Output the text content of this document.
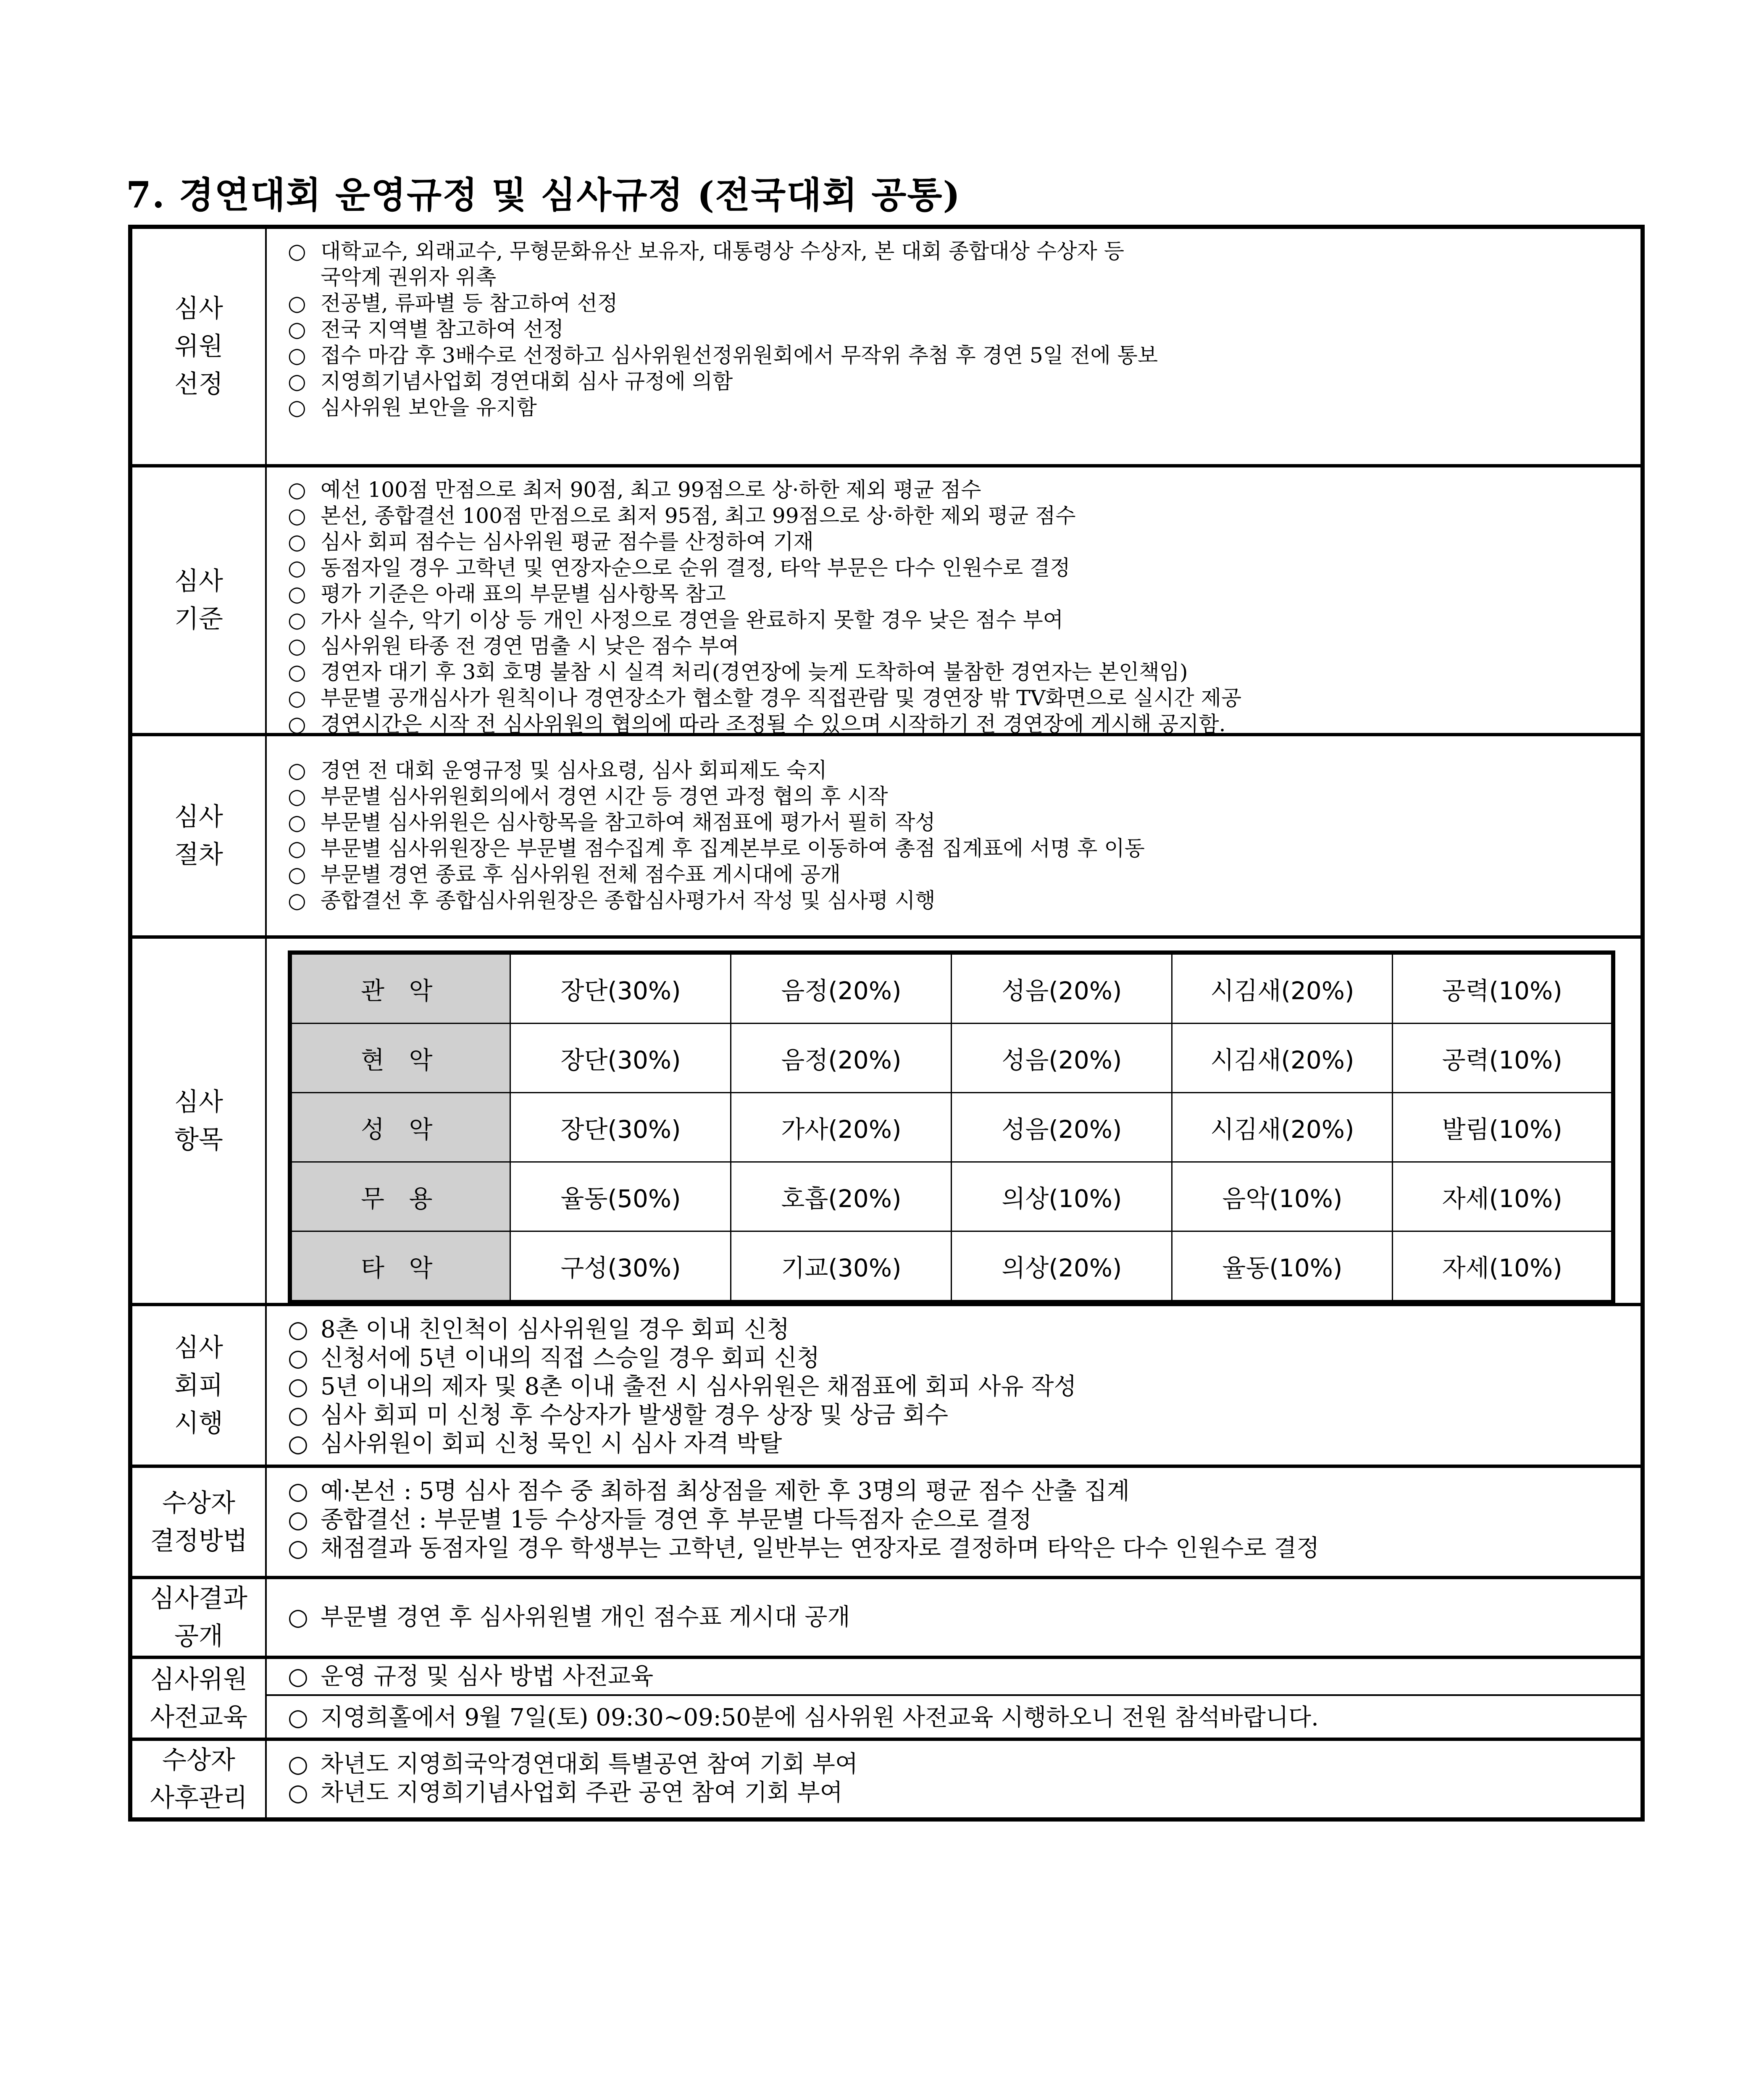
7. 경연대회 운영규정 및 심사규정 (전국대회 공통)
심사
위원
선정
○ 대학교수, 외래교수, 무형문화유산 보유자, 대통령상 수상자, 본 대회 종합대상 수상자 등
국악계 권위자 위촉
○ 전공별, 류파별 등 참고하여 선정
○ 전국 지역별 참고하여 선정
○ 접수 마감 후 3배수로 선정하고 심사위원선정위원회에서 무작위 추첨 후 경연 5일 전에 통보
○ 지영희기념사업회 경연대회 심사 규정에 의함
○ 심사위원 보안을 유지함
심사
기준
○ 예선 100점 만점으로 최저 90점, 최고 99점으로 상·하한 제외 평균 점수
○ 본선, 종합결선 100점 만점으로 최저 95점, 최고 99점으로 상·하한 제외 평균 점수
○ 심사 회피 점수는 심사위원 평균 점수를 산정하여 기재
○ 동점자일 경우 고학년 및 연장자순으로 순위 결정, 타악 부문은 다수 인원수로 결정
○ 평가 기준은 아래 표의 부문별 심사항목 참고
○ 가사 실수, 악기 이상 등 개인 사정으로 경연을 완료하지 못할 경우 낮은 점수 부여
○ 심사위원 타종 전 경연 멈출 시 낮은 점수 부여
○ 경연자 대기 후 3회 호명 불참 시 실격 처리(경연장에 늦게 도착하여 불참한 경연자는 본인책임)
○ 부문별 공개심사가 원칙이나 경연장소가 협소할 경우 직접관람 및 경연장 밖 TV화면으로 실시간 제공
○ 경연시간은 시작 전 심사위원의 협의에 따라 조정될 수 있으며 시작하기 전 경연장에 게시해 공지함.
심사
절차
○ 경연 전 대회 운영규정 및 심사요령, 심사 회피제도 숙지
○ 부문별 심사위원회의에서 경연 시간 등 경연 과정 협의 후 시작
○ 부문별 심사위원은 심사항목을 참고하여 채점표에 평가서 필히 작성
○ 부문별 심사위원장은 부문별 점수집계 후 집계본부로 이동하여 총점 집계표에 서명 후 이동
○ 부문별 경연 종료 후 심사위원 전체 점수표 게시대에 공개
○ 종합결선 후 종합심사위원장은 종합심사평가서 작성 및 심사평 시행
심사
항목
관 악	장단(30%)	음정(20%)	성음(20%)	시김새(20%)	공력(10%)
현 악	장단(30%)	음정(20%)	성음(20%)	시김새(20%)	공력(10%)
성 악	장단(30%)	가사(20%)	성음(20%)	시김새(20%)	발림(10%)
무 용	율동(50%)	호흡(20%)	의상(10%)	음악(10%)	자세(10%)
타 악	구성(30%)	기교(30%)	의상(20%)	율동(10%)	자세(10%)
심사
회피
시행
○ 8촌 이내 친인척이 심사위원일 경우 회피 신청
○ 신청서에 5년 이내의 직접 스승일 경우 회피 신청
○ 5년 이내의 제자 및 8촌 이내 출전 시 심사위원은 채점표에 회피 사유 작성
○ 심사 회피 미 신청 후 수상자가 발생할 경우 상장 및 상금 회수
○ 심사위원이 회피 신청 묵인 시 심사 자격 박탈
수상자
결정방법
○ 예·본선 : 5명 심사 점수 중 최하점 최상점을 제한 후 3명의 평균 점수 산출 집계
○ 종합결선 : 부문별 1등 수상자들 경연 후 부문별 다득점자 순으로 결정
○ 채점결과 동점자일 경우 학생부는 고학년, 일반부는 연장자로 결정하며 타악은 다수 인원수로 결정
심사결과
공개
○ 부문별 경연 후 심사위원별 개인 점수표 게시대 공개
심사위원
사전교육
○ 운영 규정 및 심사 방법 사전교육
○ 지영희홀에서 9월 7일(토) 09:30~09:50분에 심사위원 사전교육 시행하오니 전원 참석바랍니다.
수상자
사후관리
○ 차년도 지영희국악경연대회 특별공연 참여 기회 부여
○ 차년도 지영희기념사업회 주관 공연 참여 기회 부여
